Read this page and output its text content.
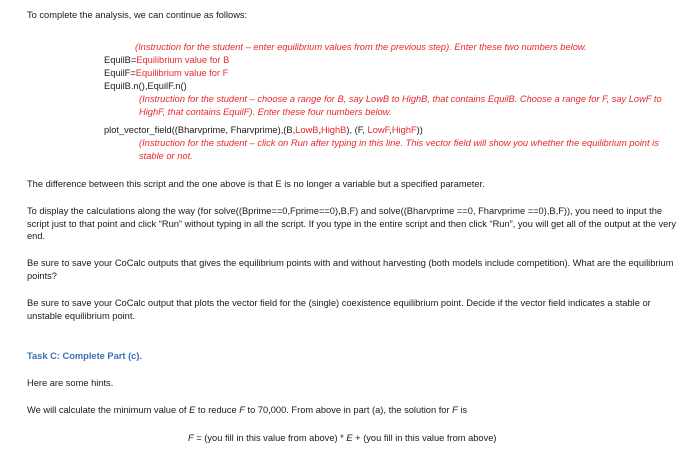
To complete the analysis, we can continue as follows:
(Instruction for the student – enter equilibrium values from the previous step). Enter these two numbers below.
EquilB=Equilibrium value for B
EquilF=Equilibrium value for F
EquilB.n(),EquilF.n()
(Instruction for the student – choose a range for B, say LowB to HighB, that contains EquilB. Choose a range for F, say LowF to HighF, that contains EquilF). Enter these four numbers below.
plot_vector_field((Bharvprime, Fharvprime),(B,LowB,HighB), (F, LowF,HighF))
(Instruction for the student – click on Run after typing in this line. This vector field will show you whether the equilibrium point is stable or not.
The difference between this script and the one above is that E is no longer a variable but a specified parameter.
To display the calculations along the way (for solve((Bprime==0,Fprime==0),B,F) and solve((Bharvprime ==0, Fharvprime ==0),B,F)), you need to input the script just to that point and click “Run” without typing in all the script. If you type in the entire script and then click “Run”, you will get all of the output at the very end.
Be sure to save your CoCalc outputs that gives the equilibrium points with and without harvesting (both models include competition). What are the equilibrium points?
Be sure to save your CoCalc output that plots the vector field for the (single) coexistence equilibrium point. Decide if the vector field indicates a stable or unstable equilibrium point.
Task C: Complete Part (c).
Here are some hints.
We will calculate the minimum value of E to reduce F to 70,000. From above in part (a), the solution for F is
F = (you fill in this value from above) * E + (you fill in this value from above)
